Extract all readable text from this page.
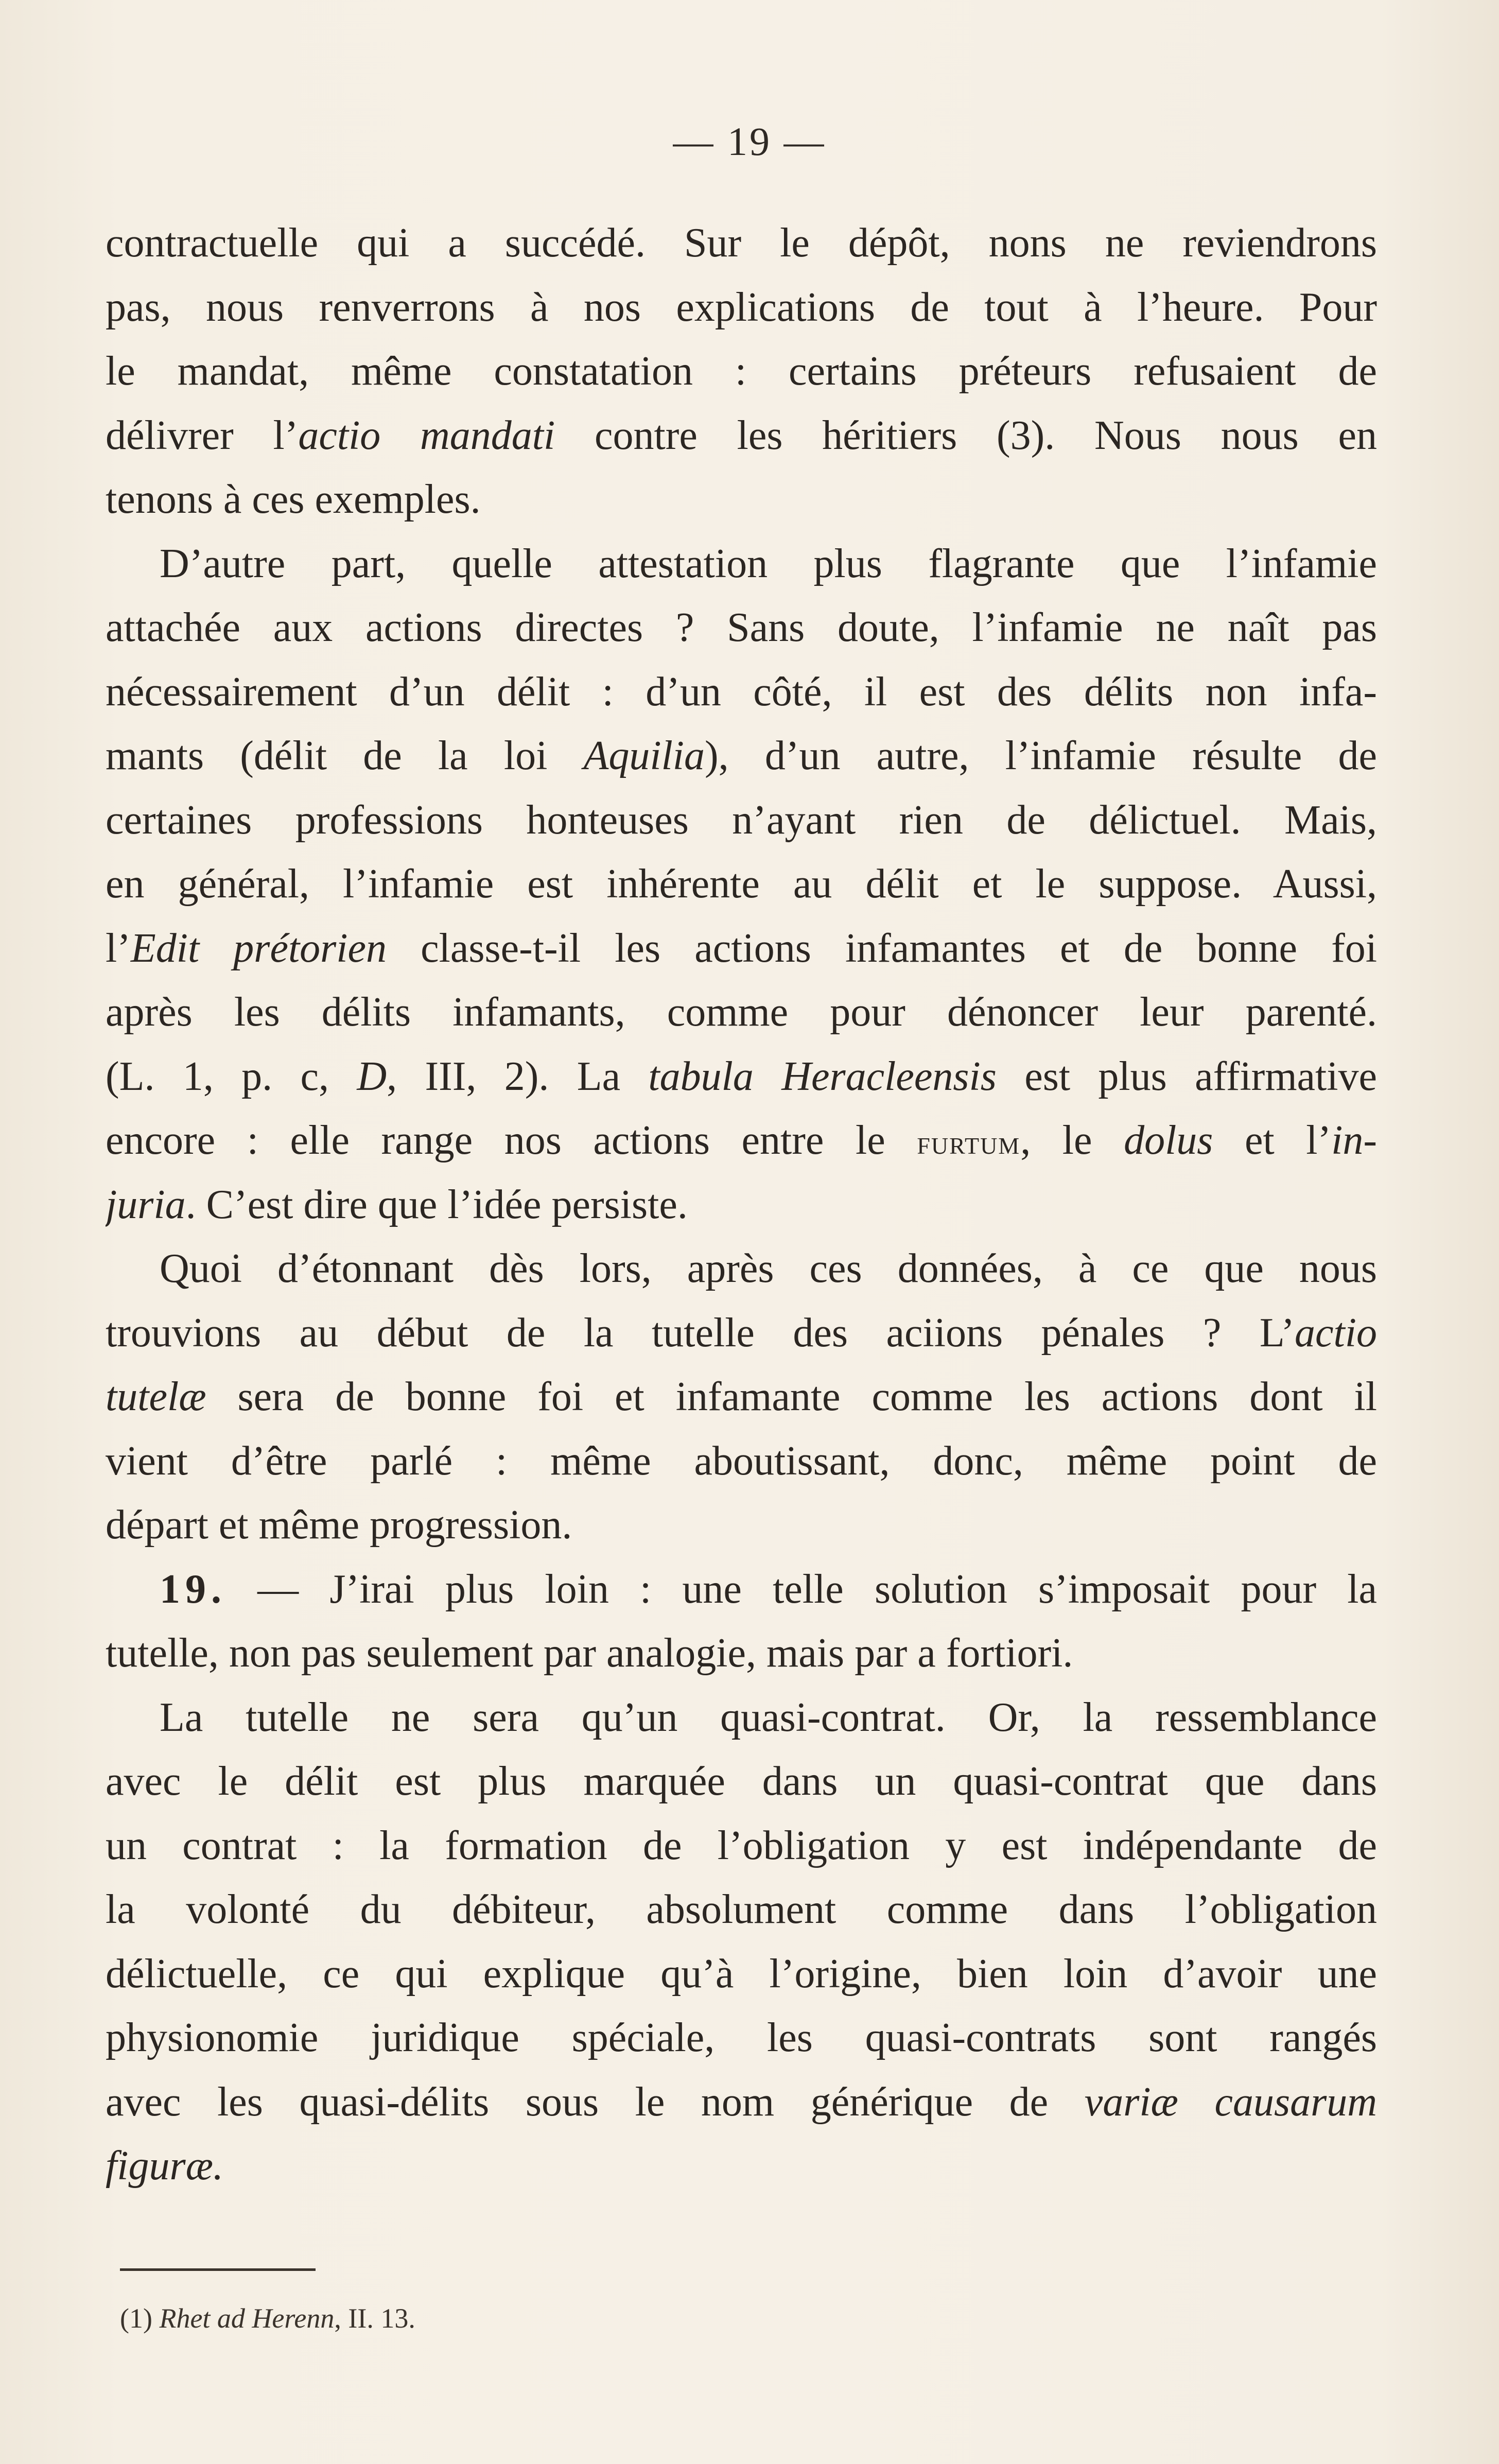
— 19 —
contractuelle qui a succédé. Sur le dépôt, nons ne reviendrons
pas, nous renverrons à nos explications de tout à l’heure. Pour
le mandat, même constatation : certains préteurs refusaient de
délivrer l’actio mandati contre les héritiers (3). Nous nous en
tenons à ces exemples.
D’autre part, quelle attestation plus flagrante que l’infamie
attachée aux actions directes ? Sans doute, l’infamie ne naît pas
nécessairement d’un délit : d’un côté, il est des délits non infa-
mants (délit de la loi Aquilia), d’un autre, l’infamie résulte de
certaines professions honteuses n’ayant rien de délictuel. Mais,
en général, l’infamie est inhérente au délit et le suppose. Aussi,
l’Edit prétorien classe-t-il les actions infamantes et de bonne foi
après les délits infamants, comme pour dénoncer leur parenté.
(L. 1, p. c, D, III, 2). La tabula Heracleensis est plus affirmative
encore : elle range nos actions entre le furtum, le dolus et l’in-
juria. C’est dire que l’idée persiste.
Quoi d’étonnant dès lors, après ces données, à ce que nous
trouvions au début de la tutelle des aciions pénales ? L’actio
tutelæ sera de bonne foi et infamante comme les actions dont il
vient d’être parlé : même aboutissant, donc, même point de
départ et même progression.
19. — J’irai plus loin : une telle solution s’imposait pour la
tutelle, non pas seulement par analogie, mais par a fortiori.
La tutelle ne sera qu’un quasi-contrat. Or, la ressemblance
avec le délit est plus marquée dans un quasi-contrat que dans
un contrat : la formation de l’obligation y est indépendante de
la volonté du débiteur, absolument comme dans l’obligation
délictuelle, ce qui explique qu’à l’origine, bien loin d’avoir une
physionomie juridique spéciale, les quasi-contrats sont rangés
avec les quasi-délits sous le nom générique de variæ causarum
figuræ.
(1) Rhet ad Herenn, II. 13.
